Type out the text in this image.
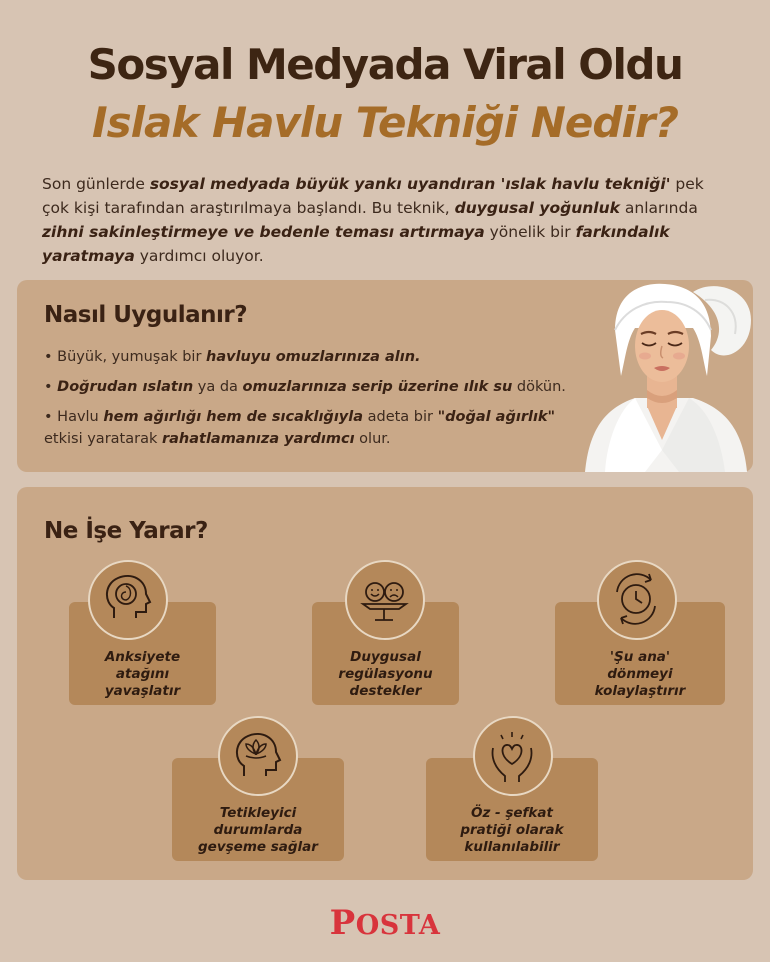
Sosyal Medyada Viral Oldu
Islak Havlu Tekniği Nedir?

Son günlerde sosyal medyada büyük yankı uyandıran 'ıslak havlu tekniği' pek çok kişi tarafından araştırılmaya başlandı. Bu teknik, duygusal yoğunluk anlarında zihni sakinleştirmeye ve bedenle teması artırmaya yönelik bir farkındalık yaratmaya yardımcı oluyor.

Nasıl Uygulanır?

• Büyük, yumuşak bir havluyu omuzlarınıza alın.

• Doğrudan ıslatın ya da omuzlarınıza serip üzerine ılık su dökün.

• Havlu hem ağırlığı hem de sıcaklığıyla adeta bir "doğal ağırlık"
etkisi yaratarak rahatlamanıza yardımcı olur.

Ne İşe Yarar?
Anksiyete
atağını
yavaşlatır
Duygusal
regülasyonu
destekler
'Şu ana'
dönmeyi
kolaylaştırır
Tetikleyici
durumlarda
gevşeme sağlar
Öz - şefkat
pratiği olarak
kullanılabilir
POSTA
